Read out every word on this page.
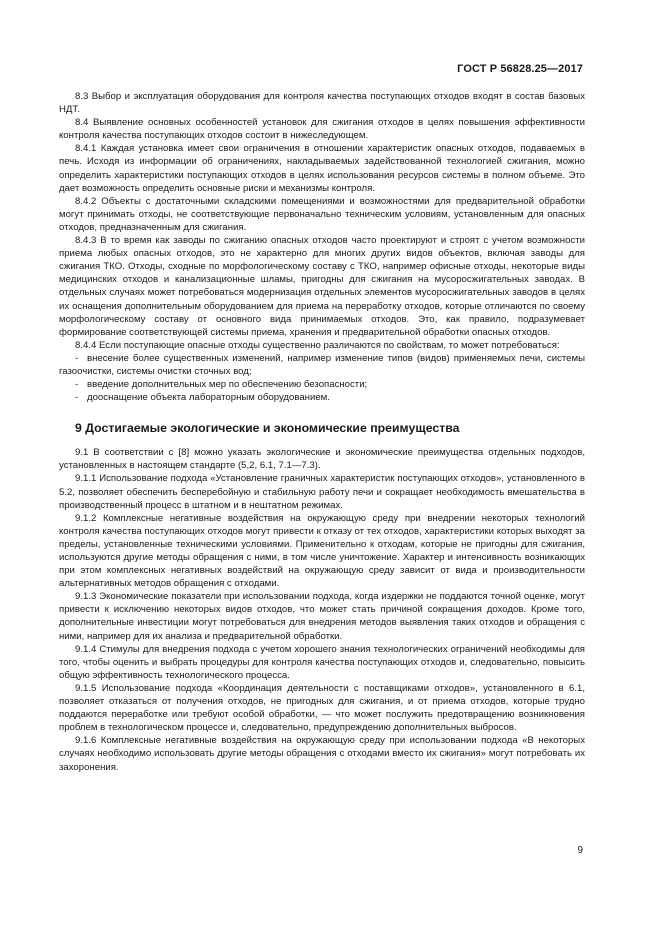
ГОСТ Р 56828.25—2017

8.3 Выбор и эксплуатация оборудования для контроля качества поступающих отходов входят в состав базовых НДТ.

8.4 Выявление основных особенностей установок для сжигания отходов в целях повышения эффективности контроля качества поступающих отходов состоит в нижеследующем.

8.4.1 Каждая установка имеет свои ограничения в отношении характеристик опасных отходов, подаваемых в печь. Исходя из информации об ограничениях, накладываемых задействованной технологией сжигания, можно определить характеристики поступающих отходов в целях использования ресурсов системы в полном объеме. Это дает возможность определить основные риски и механизмы контроля.

8.4.2 Объекты с достаточными складскими помещениями и возможностями для предварительной обработки могут принимать отходы, не соответствующие первоначально техническим условиям, установленным для опасных отходов, предназначенным для сжигания.

8.4.3 В то время как заводы по сжиганию опасных отходов часто проектируют и строят с учетом возможности приема любых опасных отходов, это не характерно для многих других видов объектов, включая заводы для сжигания ТКО. Отходы, сходные по морфологическому составу с ТКО, например офисные отходы, некоторые виды медицинских отходов и канализационные шламы, пригодны для сжигания на мусоросжигательных заводах. В отдельных случаях может потребоваться модернизация отдельных элементов мусоросжигательных заводов в целях их оснащения дополнительным оборудованием для приема на переработку отходов, которые отличаются по своему морфологическому составу от основного вида принимаемых отходов. Это, как правило, подразумевает формирование соответствующей системы приема, хранения и предварительной обработки опасных отходов.

8.4.4 Если поступающие опасные отходы существенно различаются по свойствам, то может потребоваться:

- внесение более существенных изменений, например изменение типов (видов) применяемых печи, системы газоочистки, системы очистки сточных вод;

- введение дополнительных мер по обеспечению безопасности;

- дооснащение объекта лабораторным оборудованием.

9 Достигаемые экологические и экономические преимущества

9.1 В соответствии с [8] можно указать экологические и экономические преимущества отдельных подходов, установленных в настоящем стандарте (5,2, 6.1, 7.1—7.3).

9.1.1 Использование подхода «Установление граничных характеристик поступающих отходов», установленного в 5.2, позволяет обеспечить бесперебойную и стабильную работу печи и сокращает необходимость вмешательства в производственный процесс в штатном и в нештатном режимах.

9.1.2 Комплексные негативные воздействия на окружающую среду при внедрении некоторых технологий контроля качества поступающих отходов могут привести к отказу от тех отходов, характеристики которых выходят за пределы, установленные техническими условиями. Применительно к отходам, которые не пригодны для сжигания, используются другие методы обращения с ними, в том числе уничтожение. Характер и интенсивность возникающих при этом комплексных негативных воздействий на окружающую среду зависит от вида и производительности альтернативных методов обращения с отходами.

9.1.3 Экономические показатели при использовании подхода, когда издержки не поддаются точной оценке, могут привести к исключению некоторых видов отходов, что может стать причиной сокращения доходов. Кроме того, дополнительные инвестиции могут потребоваться для внедрения методов выявления таких отходов и обращения с ними, например для их анализа и предварительной обработки.

9.1.4 Стимулы для внедрения подхода с учетом хорошего знания технологических ограничений необходимы для того, чтобы оценить и выбрать процедуры для контроля качества поступающих отходов и, следовательно, повысить общую эффективность технологического процесса.

9.1.5 Использование подхода «Координация деятельности с поставщиками отходов», установленного в 6.1, позволяет отказаться от получения отходов, не пригодных для сжигания, и от приема отходов, которые трудно поддаются переработке или требуют особой обработки, — что может послужить предотвращению возникновения проблем в технологическом процессе и, следовательно, предупреждению дополнительных выбросов.

9.1.6 Комплексные негативные воздействия на окружающую среду при использовании подхода «В некоторых случаях необходимо использовать другие методы обращения с отходами вместо их сжигания» могут потребовать их захоронения.

9
